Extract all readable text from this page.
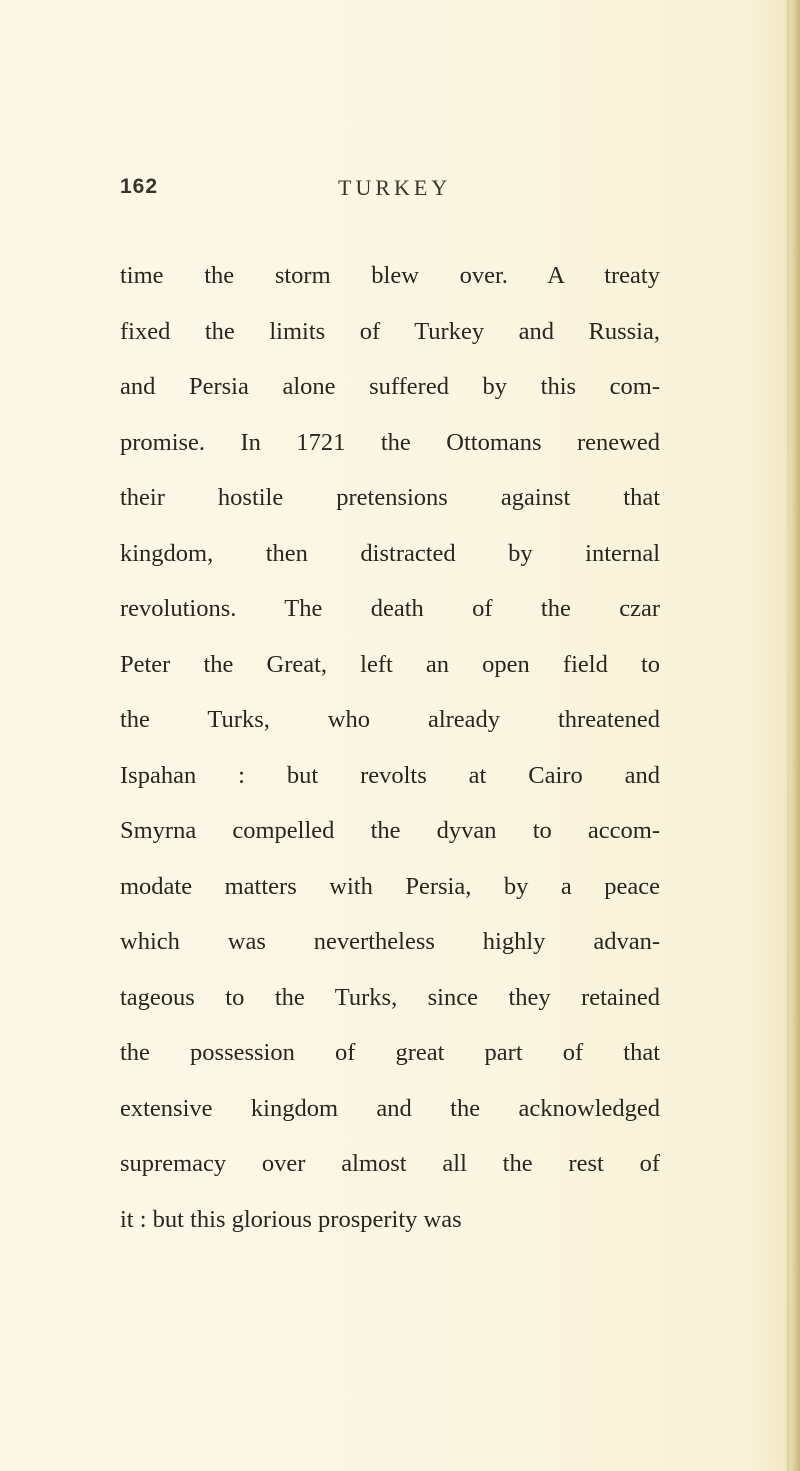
162	TURKEY
time the storm blew over. A treaty
fixed the limits of Turkey and Russia,
and Persia alone suffered by this com-
promise. In 1721 the Ottomans renewed
their hostile pretensions against that
kingdom, then distracted by internal
revolutions. The death of the czar
Peter the Great, left an open field to
the Turks, who already threatened
Ispahan : but revolts at Cairo and
Smyrna compelled the dyvan to accom-
modate matters with Persia, by a peace
which was nevertheless highly advan-
tageous to the Turks, since they retained
the possession of great part of that
extensive kingdom and the acknowledged
supremacy over almost all the rest of
it : but this glorious prosperity was
